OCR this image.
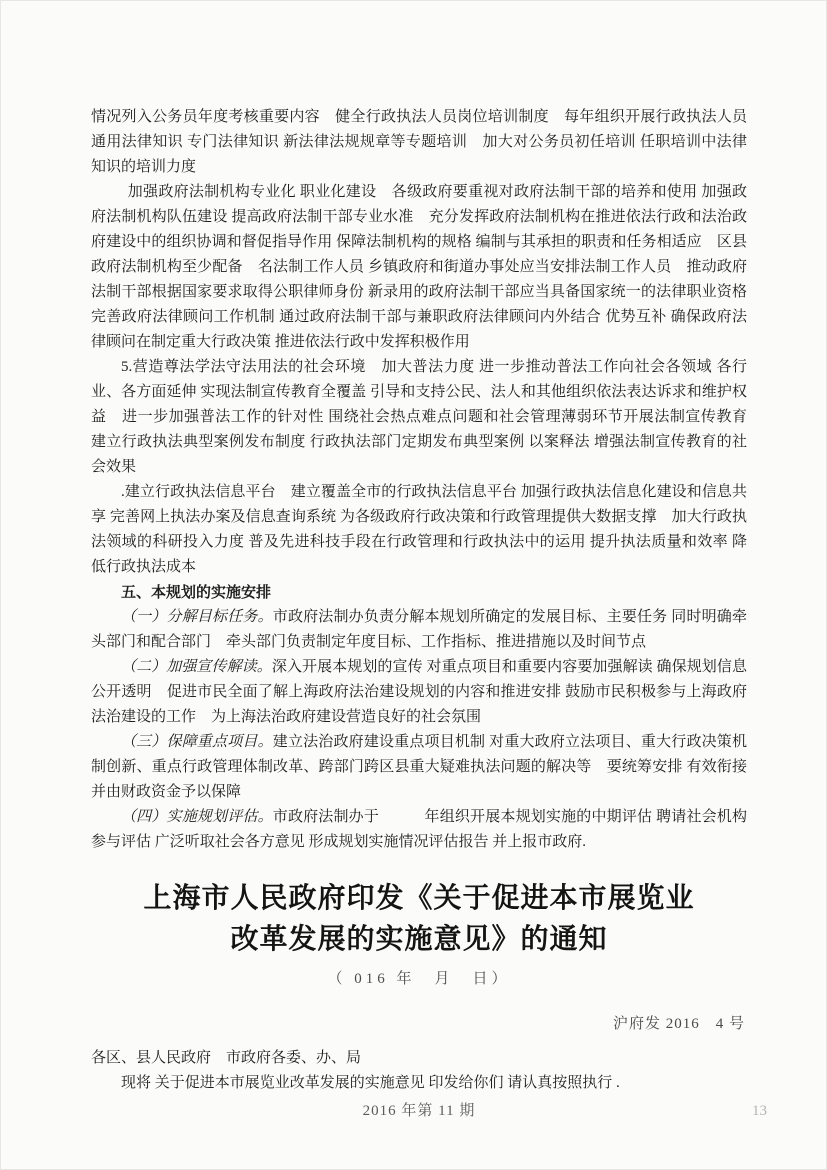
情况列入公务员年度考核重要内容　健全行政执法人员岗位培训制度　每年组织开展行政执法人员通用法律知识 专门法律知识 新法律法规规章等专题培训　加大对公务员初任培训 任职培训中法律知识的培训力度

加强政府法制机构专业化 职业化建设　各级政府要重视对政府法制干部的培养和使用 加强政府法制机构队伍建设 提高政府法制干部专业水准　充分发挥政府法制机构在推进依法行政和法治政府建设中的组织协调和督促指导作用 保障法制机构的规格 编制与其承担的职责和任务相适应　区县政府法制机构至少配备　名法制工作人员 乡镇政府和街道办事处应当安排法制工作人员　推动政府法制干部根据国家要求取得公职律师身份 新录用的政府法制干部应当具备国家统一的法律职业资格 完善政府法律顾问工作机制 通过政府法制干部与兼职政府法律顾问内外结合 优势互补 确保政府法律顾问在制定重大行政决策 推进依法行政中发挥积极作用

5.营造尊法学法守法用法的社会环境　加大普法力度 进一步推动普法工作向社会各领域 各行业、各方面延伸 实现法制宣传教育全覆盖 引导和支持公民、法人和其他组织依法表达诉求和维护权益　进一步加强普法工作的针对性 围绕社会热点难点问题和社会管理薄弱环节开展法制宣传教育　建立行政执法典型案例发布制度 行政执法部门定期发布典型案例 以案释法 增强法制宣传教育的社会效果

.建立行政执法信息平台　建立覆盖全市的行政执法信息平台 加强行政执法信息化建设和信息共享 完善网上执法办案及信息查询系统 为各级政府行政决策和行政管理提供大数据支撑　加大行政执法领域的科研投入力度 普及先进科技手段在行政管理和行政执法中的运用 提升执法质量和效率 降低行政执法成本

五、本规划的实施安排

（一）分解目标任务。市政府法制办负责分解本规划所确定的发展目标、主要任务 同时明确牵头部门和配合部门　牵头部门负责制定年度目标、工作指标、推进措施以及时间节点

（二）加强宣传解读。深入开展本规划的宣传 对重点项目和重要内容要加强解读 确保规划信息公开透明　促进市民全面了解上海政府法治建设规划的内容和推进安排 鼓励市民积极参与上海政府法治建设的工作　为上海法治政府建设营造良好的社会氛围

（三）保障重点项目。建立法治政府建设重点项目机制 对重大政府立法项目、重大行政决策机制创新、重点行政管理体制改革、跨部门跨区县重大疑难执法问题的解决等　要统筹安排 有效衔接 并由财政资金予以保障

（四）实施规划评估。市政府法制办于　　　年组织开展本规划实施的中期评估 聘请社会机构参与评估 广泛听取社会各方意见 形成规划实施情况评估报告 并上报市政府.

上海市人民政府印发《关于促进本市展览业
改革发展的实施意见》的通知
（ 016 年　月　日）
沪府发 2016　4 号
各区、县人民政府　市政府各委、办、局

现将 关于促进本市展览业改革发展的实施意见 印发给你们 请认真按照执行 .

2016 年第 11 期	13
